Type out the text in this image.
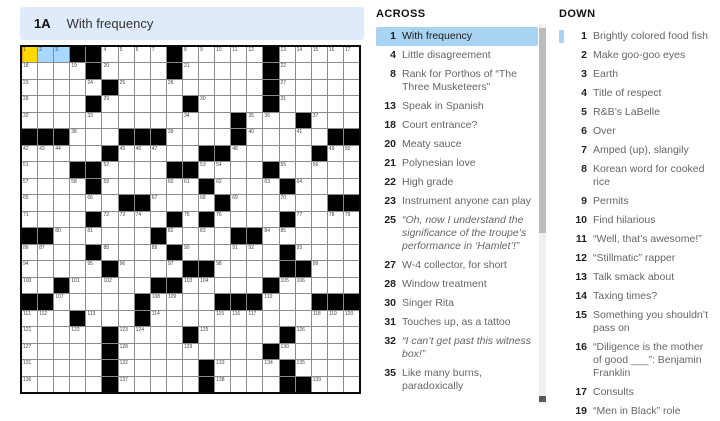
1A With frequency
1	2	3	4	5	6	7	8	9	10 11 12	13 14 15 16 17
18	19	20	21	22
23	24	25	26	27
28	29	30	31
32	33	34	35 36	37
38	39	40	41
42 43 44	45 46 47	48	49 50
51	52	53 54	55	56
57	58	59	60 61	62	63	64
65	66	67	68	69	70
71	72 73 74	75	76	77	78 79
80	81	82	83	84 85
86 87	88	89	90	91 92	93
94	95	96	97	98	99
100	101	102	103 104	105 106
107	108 109	110
111 112	113	114	115 116 117	118 119 120
121	122	123 124	125	126
127	128	129	130
131	132	133	134	135
136	137	138	139
ACROSS
1 With frequency
4 Little disagreement
8 Rank for Porthos of “The Three Musketeers”
13 Speak in Spanish
18 Court entrance?
20 Meaty sauce
21 Polynesian love
22 High grade
23 Instrument anyone can play
25 “Oh, now I understand the significance of the troupe’s performance in ‘Hamlet’!”
27 W-4 collector, for short
28 Window treatment
30 Singer Rita
31 Touches up, as a tattoo
32 “I can’t get past this witness box!”
35 Like many burns, paradoxically
DOWN
1 Brightly colored food fish
2 Make goo-goo eyes
3 Earth
4 Title of respect
5 R&B’s LaBelle
6 Over
7 Amped (up), slangily
8 Korean word for cooked rice
9 Permits
10 Find hilarious
11 “Well, that’s awesome!”
12 “Stillmatic” rapper
13 Talk smack about
14 Taxing times?
15 Something you shouldn’t pass on
16 “Diligence is the mother of good ___”: Benjamin Franklin
17 Consults
19 “Men in Black” role
